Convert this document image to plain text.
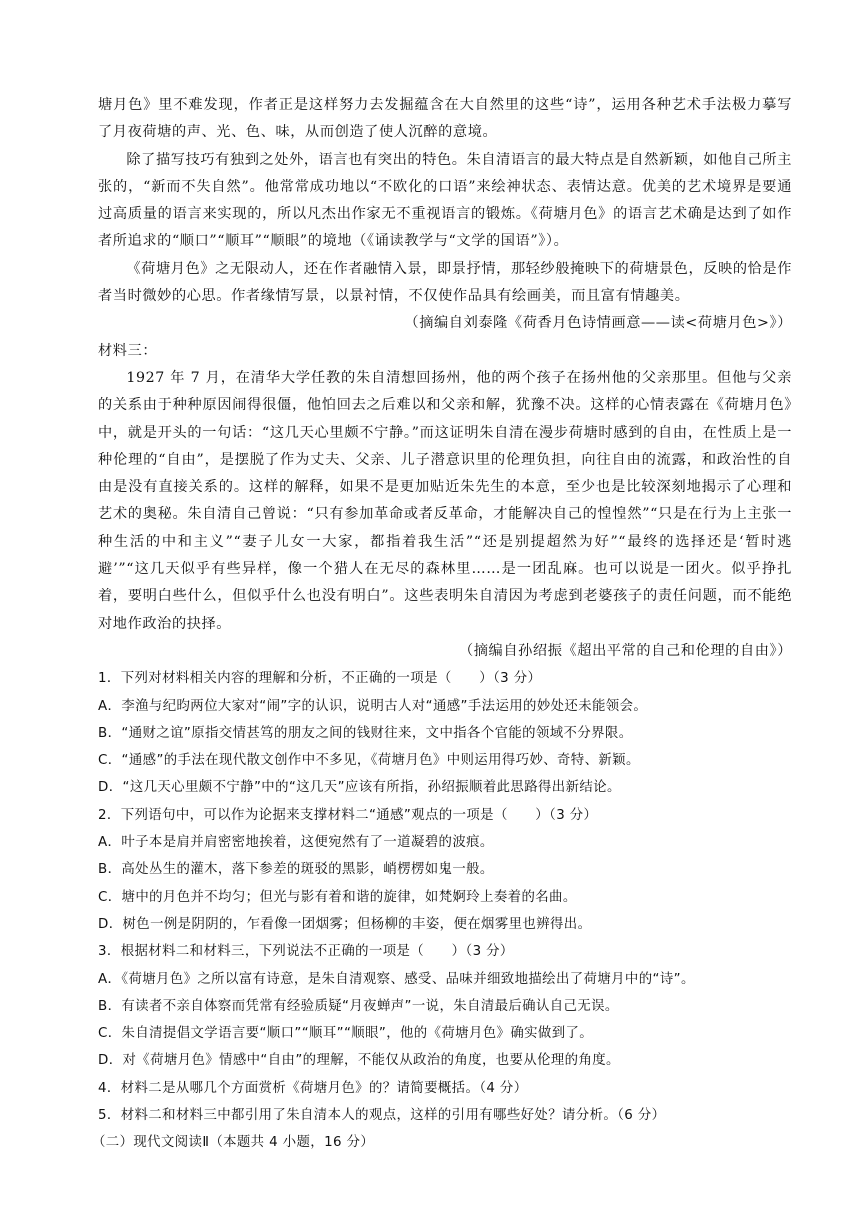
塘月色》里不难发现，作者正是这样努力去发掘蕴含在大自然里的这些“诗”，运用各种艺术手法极力摹写了月夜荷塘的声、光、色、味，从而创造了使人沉醉的意境。

除了描写技巧有独到之处外，语言也有突出的特色。朱自清语言的最大特点是自然新颖，如他自己所主张的，“新而不失自然”。他常常成功地以“不欧化的口语”来绘神状态、表情达意。优美的艺术境界是要通过高质量的语言来实现的，所以凡杰出作家无不重视语言的锻炼。《荷塘月色》的语言艺术确是达到了如作者所追求的“顺口”“顺耳”“顺眼”的境地（《诵读教学与“文学的国语”》）。

《荷塘月色》之无限动人，还在作者融情入景，即景抒情，那轻纱般掩映下的荷塘景色，反映的恰是作者当时微妙的心思。作者缘情写景，以景衬情，不仅使作品具有绘画美，而且富有情趣美。

（摘编自刘泰隆《荷香月色诗情画意——读<荷塘月色>》）

材料三：

1927 年 7 月，在清华大学任教的朱自清想回扬州，他的两个孩子在扬州他的父亲那里。但他与父亲的关系由于种种原因闹得很僵，他怕回去之后难以和父亲和解，犹豫不决。这样的心情表露在《荷塘月色》中，就是开头的一句话：“这几天心里颇不宁静。”而这证明朱自清在漫步荷塘时感到的自由，在性质上是一种伦理的“自由”，是摆脱了作为丈夫、父亲、儿子潜意识里的伦理负担，向往自由的流露，和政治性的自由是没有直接关系的。这样的解释，如果不是更加贴近朱先生的本意，至少也是比较深刻地揭示了心理和艺术的奥秘。朱自清自己曾说：“只有参加革命或者反革命，才能解决自己的惶惶然”“只是在行为上主张一种生活的中和主义”“妻子儿女一大家，都指着我生活”“还是别提超然为好”“最终的选择还是‘暂时逃避’”“这几天似乎有些异样，像一个猎人在无尽的森林里……是一团乱麻。也可以说是一团火。似乎挣扎着，要明白些什么，但似乎什么也没有明白”。这些表明朱自清因为考虑到老婆孩子的责任问题，而不能绝对地作政治的抉择。

（摘编自孙绍振《超出平常的自己和伦理的自由》）

1．下列对材料相关内容的理解和分析，不正确的一项是（　　）（3 分）

A．李渔与纪昀两位大家对“闹”字的认识，说明古人对“通感”手法运用的妙处还未能领会。

B．“通财之谊”原指交情甚笃的朋友之间的钱财往来，文中指各个官能的领域不分界限。

C．“通感”的手法在现代散文创作中不多见，《荷塘月色》中则运用得巧妙、奇特、新颖。

D．“这几天心里颇不宁静”中的“这几天”应该有所指，孙绍振顺着此思路得出新结论。

2．下列语句中，可以作为论据来支撑材料二“通感”观点的一项是（　　）（3 分）

A．叶子本是肩并肩密密地挨着，这便宛然有了一道凝碧的波痕。

B．高处丛生的灌木，落下参差的斑驳的黑影，峭楞楞如鬼一般。

C．塘中的月色并不均匀；但光与影有着和谐的旋律，如梵婀玲上奏着的名曲。

D．树色一例是阴阴的，乍看像一团烟雾；但杨柳的丰姿，便在烟雾里也辨得出。

3．根据材料二和材料三，下列说法不正确的一项是（　　）（3 分）

A．《荷塘月色》之所以富有诗意，是朱自清观察、感受、品味并细致地描绘出了荷塘月中的“诗”。

B．有读者不亲自体察而凭常有经验质疑“月夜蝉声”一说，朱自清最后确认自己无误。

C．朱自清提倡文学语言要“顺口”“顺耳”“顺眼”，他的《荷塘月色》确实做到了。

D．对《荷塘月色》情感中“自由”的理解，不能仅从政治的角度，也要从伦理的角度。

4．材料二是从哪几个方面赏析《荷塘月色》的？请简要概括。（4 分）

5．材料二和材料三中都引用了朱自清本人的观点，这样的引用有哪些好处？请分析。（6 分）

（二）现代文阅读Ⅱ（本题共 4 小题，16 分）
